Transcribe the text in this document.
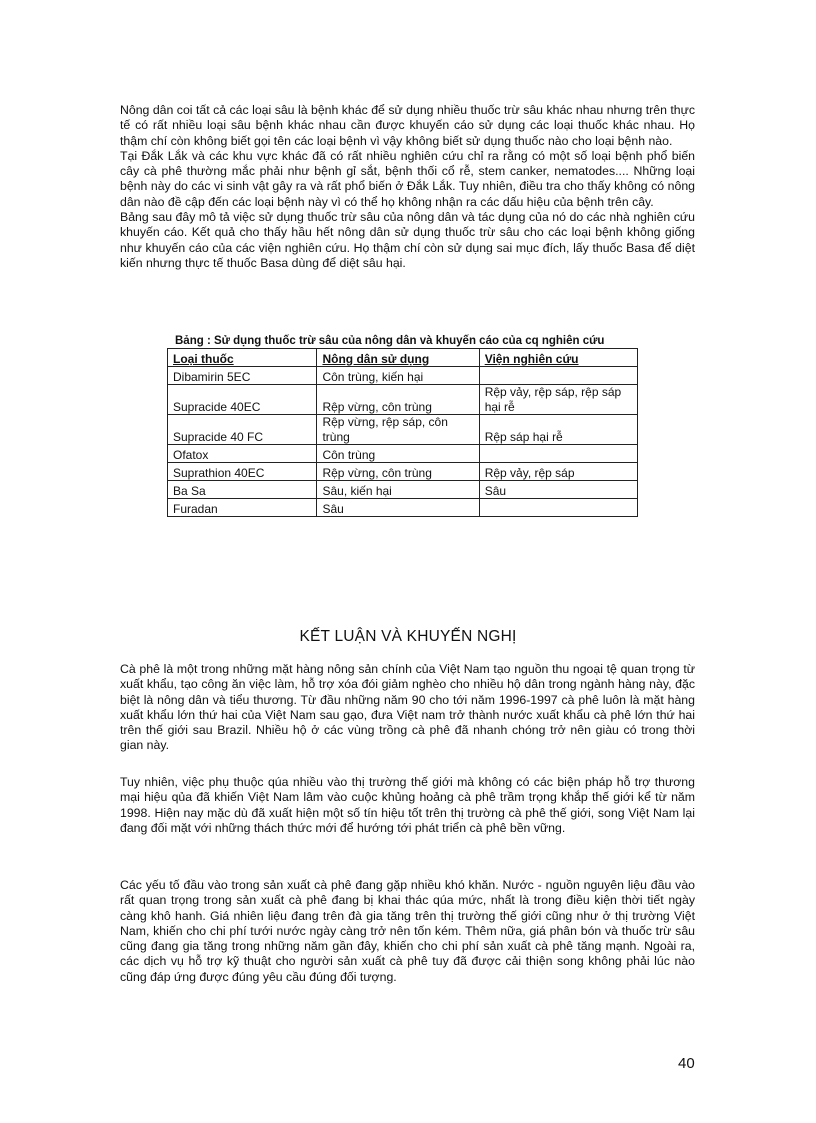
Nông dân coi tất cả các loại sâu là bệnh khác để sử dụng nhiều thuốc trừ sâu khác nhau nhưng trên thực tế có rất nhiều loại sâu bệnh khác nhau cần được khuyến cáo sử dụng các loại thuốc khác nhau. Họ thậm chí còn không biết gọi tên các loại bệnh vì vậy không biết sử dụng thuốc nào cho loại bệnh nào.

Tại Đắk Lắk và các khu vực khác đã có rất nhiều nghiên cứu chỉ ra rằng có một số loại bệnh phổ biến cây cà phê thường mắc phải như bệnh gỉ sắt, bệnh thối cổ rễ, stem canker, nematodes.... Những loại bệnh này do các vi sinh vật gây ra và rất phổ biến ở Đắk Lắk. Tuy nhiên, điều tra cho thấy không có nông dân nào đề cập đến các loại bệnh này vì có thể họ không nhận ra các dấu hiệu của bệnh trên cây.

Bảng sau đây mô tả việc sử dụng thuốc trừ sâu của nông dân và tác dụng của nó do các nhà nghiên cứu khuyến cáo. Kết quả cho thấy hầu hết nông dân sử dụng thuốc trừ sâu cho các loại bệnh không giống như khuyến cáo của các viện nghiên cứu. Họ thậm chí còn sử dụng sai mục đích, lấy thuốc Basa để diệt kiến nhưng thực tế thuốc Basa dùng để diệt sâu hại.

Bảng : Sử dụng thuốc trừ sâu của nông dân và khuyến cáo của cq nghiên cứu
Loại thuốc	Nông dân sử dụng	Viện nghiên cứu
Dibamirin 5EC	Côn trùng, kiến hại	
Supracide 40EC	Rệp vừng, côn trùng	Rệp vảy, rệp sáp, rệp sáp hại rễ
Supracide 40 FC	Rệp vừng, rệp sáp, côn trùng	Rệp sáp hại rễ
Ofatox	Côn trùng	
Suprathion 40EC	Rệp vừng, côn trùng	Rệp vảy, rệp sáp
Ba Sa	Sâu, kiến hại	Sâu
Furadan	Sâu	
KẾT LUẬN VÀ KHUYẾN NGHỊ

Cà phê là một trong những mặt hàng nông sản chính của Việt Nam tạo nguồn thu ngoại tệ quan trọng từ xuất khẩu, tạo công ăn việc làm, hỗ trợ xóa đói giảm nghèo cho nhiều hộ dân trong ngành hàng này, đặc biệt là nông dân và tiểu thương. Từ đầu những năm 90 cho tới năm 1996-1997 cà phê luôn là mặt hàng xuất khẩu lớn thứ hai của Việt Nam sau gạo, đưa Việt nam trở thành nước xuất khẩu cà phê lớn thứ hai trên thế giới sau Brazil. Nhiều hộ ở các vùng trồng cà phê đã nhanh chóng trở nên giàu có trong thời gian này.

Tuy nhiên, việc phụ thuộc qúa nhiều vào thị trường thế giới mà không có các biện pháp hỗ trợ thương mại hiệu qủa đã khiến Việt Nam lâm vào cuộc khủng hoảng cà phê trầm trọng khắp thế giới kể từ năm 1998. Hiện nay mặc dù đã xuất hiện một số tín hiệu tốt trên thị trường cà phê thế giới, song Việt Nam lại đang đối mặt với những thách thức mới để hướng tới phát triển cà phê bền vững.

Các yếu tố đầu vào trong sản xuất cà phê đang gặp nhiều khó khăn. Nước - nguồn nguyên liệu đầu vào rất quan trọng trong sản xuất cà phê đang bị khai thác qúa mức, nhất là trong điều kiện thời tiết ngày càng khô hanh. Giá nhiên liệu đang trên đà gia tăng trên thị trường thế giới cũng như ở thị trường Việt Nam, khiến cho chi phí tưới nước ngày càng trở nên tốn kém. Thêm nữa, giá phân bón và thuốc trừ sâu cũng đang gia tăng trong những năm gần đây, khiến cho chi phí sản xuất cà phê tăng mạnh. Ngoài ra, các dịch vụ hỗ trợ kỹ thuật cho người sản xuất cà phê tuy đã được cải thiện song không phải lúc nào cũng đáp ứng được đúng yêu cầu đúng đối tượng.

40
